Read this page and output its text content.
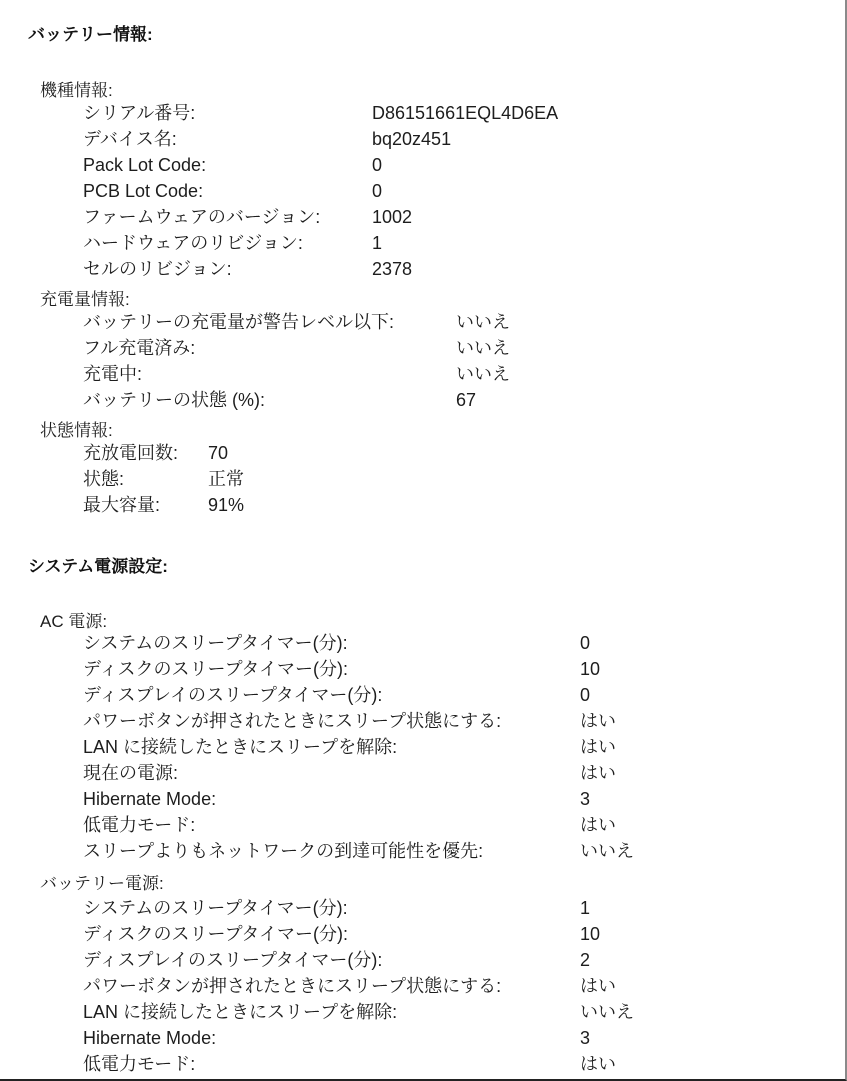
バッテリー情報:
機種情報:
シリアル番号:	D86151661EQL4D6EA
デバイス名:	bq20z451
Pack Lot Code:	0
PCB Lot Code:	0
ファームウェアのバージョン:	1002
ハードウェアのリビジョン:	1
セルのリビジョン:	2378
充電量情報:
バッテリーの充電量が警告レベル以下:	いいえ
フル充電済み:	いいえ
充電中:	いいえ
バッテリーの状態 (%):	67
状態情報:
充放電回数: 70
状態:	正常
最大容量:	91%
システム電源設定:
AC 電源:
システムのスリープタイマー(分):	0
ディスクのスリープタイマー(分):	10
ディスプレイのスリープタイマー(分):	0
パワーボタンが押されたときにスリープ状態にする:	はい
LAN に接続したときにスリープを解除:	はい
現在の電源:	はい
Hibernate Mode:	3
低電力モード:	はい
スリープよりもネットワークの到達可能性を優先:	いいえ
バッテリー電源:
システムのスリープタイマー(分):	1
ディスクのスリープタイマー(分):	10
ディスプレイのスリープタイマー(分):	2
パワーボタンが押されたときにスリープ状態にする:	はい
LAN に接続したときにスリープを解除:	いいえ
Hibernate Mode:	3
低電力モード:	はい
